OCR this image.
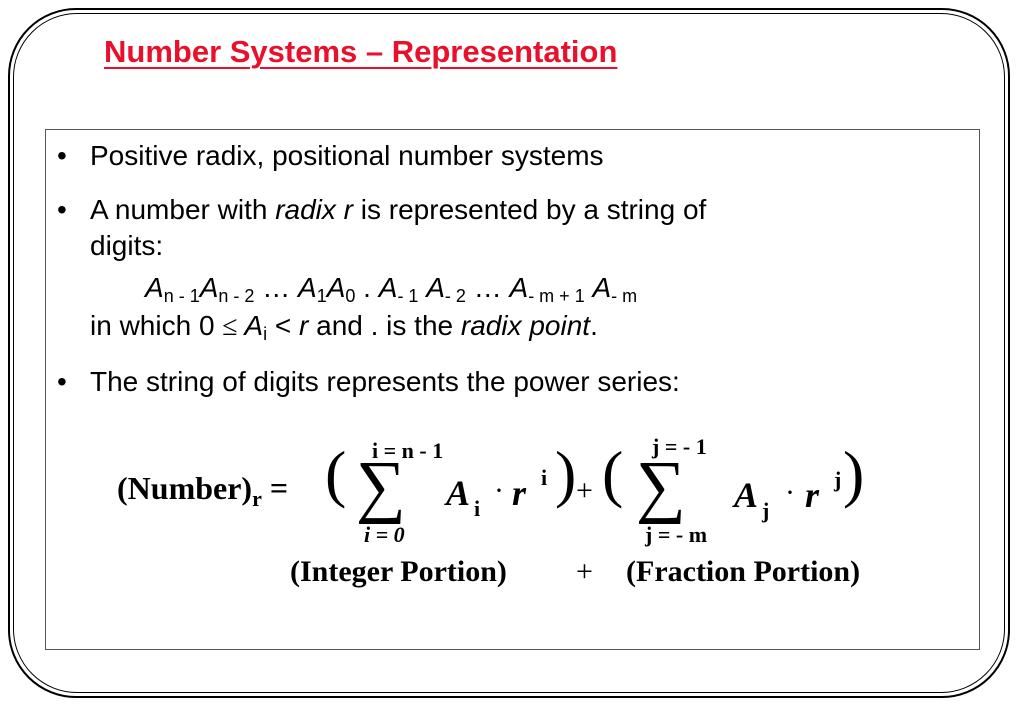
Number Systems – Representation
• Positive radix, positional number systems
• A number with radix r is represented by a string of
digits:
$A_{n - 1}A_{n - 2}$ … $A_1A_0$ . $A_{- 1}$ $A_{- 2}$ … $A_{- m + 1}$ $A_{- m}$
in which $0 \le A_i < r$ and . is the radix point.
• The string of digits represents the power series:
$(Number)_r$ = ( i = n - 1
∑
i = 0
A i
· r i ) + ( j = - 1
∑
j = - m
A j
· r j )
(Integer Portion) + (Fraction Portion)
